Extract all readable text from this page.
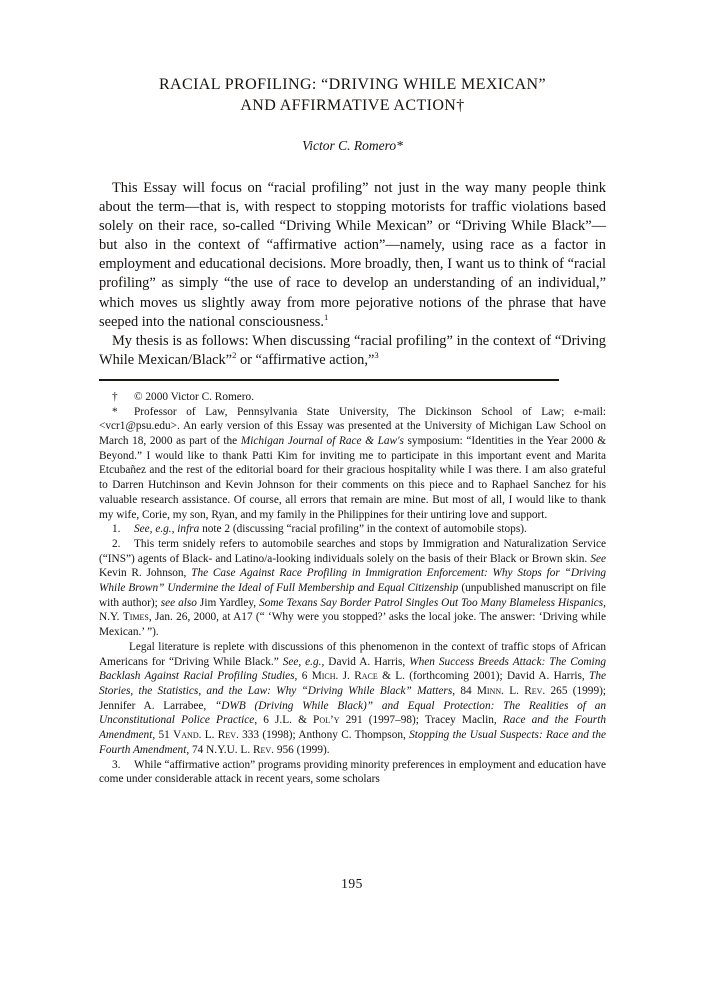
RACIAL PROFILING: “DRIVING WHILE MEXICAN”
AND AFFIRMATIVE ACTION†
Victor C. Romero*

This Essay will focus on “racial profiling” not just in the way many people think about the term—that is, with respect to stopping motorists for traffic violations based solely on their race, so-called “Driving While Mexican” or “Driving While Black”—but also in the context of “affirmative action”—namely, using race as a factor in employment and educational decisions. More broadly, then, I want us to think of “racial profiling” as simply “the use of race to develop an understanding of an individual,” which moves us slightly away from more pejorative notions of the phrase that have seeped into the national consciousness.$^1$

My thesis is as follows: When discussing “racial profiling” in the context of “Driving While Mexican/Black”$^2$ or “affirmative action,”$^3$

† © 2000 Victor C. Romero.

* Professor of Law, Pennsylvania State University, The Dickinson School of Law; e-mail: <vcr1@psu.edu>. An early version of this Essay was presented at the University of Michigan Law School on March 18, 2000 as part of the Michigan Journal of Race & Law's symposium: “Identities in the Year 2000 & Beyond.” I would like to thank Patti Kim for inviting me to participate in this important event and Marita Etcubañez and the rest of the editorial board for their gracious hospitality while I was there. I am also grateful to Darren Hutchinson and Kevin Johnson for their comments on this piece and to Raphael Sanchez for his valuable research assistance. Of course, all errors that remain are mine. But most of all, I would like to thank my wife, Corie, my son, Ryan, and my family in the Philippines for their untiring love and support.

1. See, e.g., infra note 2 (discussing “racial profiling” in the context of automobile stops).

2. This term snidely refers to automobile searches and stops by Immigration and Naturalization Service (“INS”) agents of Black- and Latino/a-looking individuals solely on the basis of their Black or Brown skin. See Kevin R. Johnson, The Case Against Race Profiling in Immigration Enforcement: Why Stops for “Driving While Brown” Undermine the Ideal of Full Membership and Equal Citizenship (unpublished manuscript on file with author); see also Jim Yardley, Some Texans Say Border Patrol Singles Out Too Many Blameless Hispanics, N.Y. Times, Jan. 26, 2000, at A17 (“ ‘Why were you stopped?’ asks the local joke. The answer: ‘Driving while Mexican.’ ”).

Legal literature is replete with discussions of this phenomenon in the context of traffic stops of African Americans for “Driving While Black.” See, e.g., David A. Harris, When Success Breeds Attack: The Coming Backlash Against Racial Profiling Studies, 6 Mich. J. Race & L. (forthcoming 2001); David A. Harris, The Stories, the Statistics, and the Law: Why “Driving While Black” Matters, 84 Minn. L. Rev. 265 (1999); Jennifer A. Larrabee, “DWB (Driving While Black)” and Equal Protection: The Realities of an Unconstitutional Police Practice, 6 J.L. & Pol’y 291 (1997–98); Tracey Maclin, Race and the Fourth Amendment, 51 Vand. L. Rev. 333 (1998); Anthony C. Thompson, Stopping the Usual Suspects: Race and the Fourth Amendment, 74 N.Y.U. L. Rev. 956 (1999).

3. While “affirmative action” programs providing minority preferences in employment and education have come under considerable attack in recent years, some scholars

195
